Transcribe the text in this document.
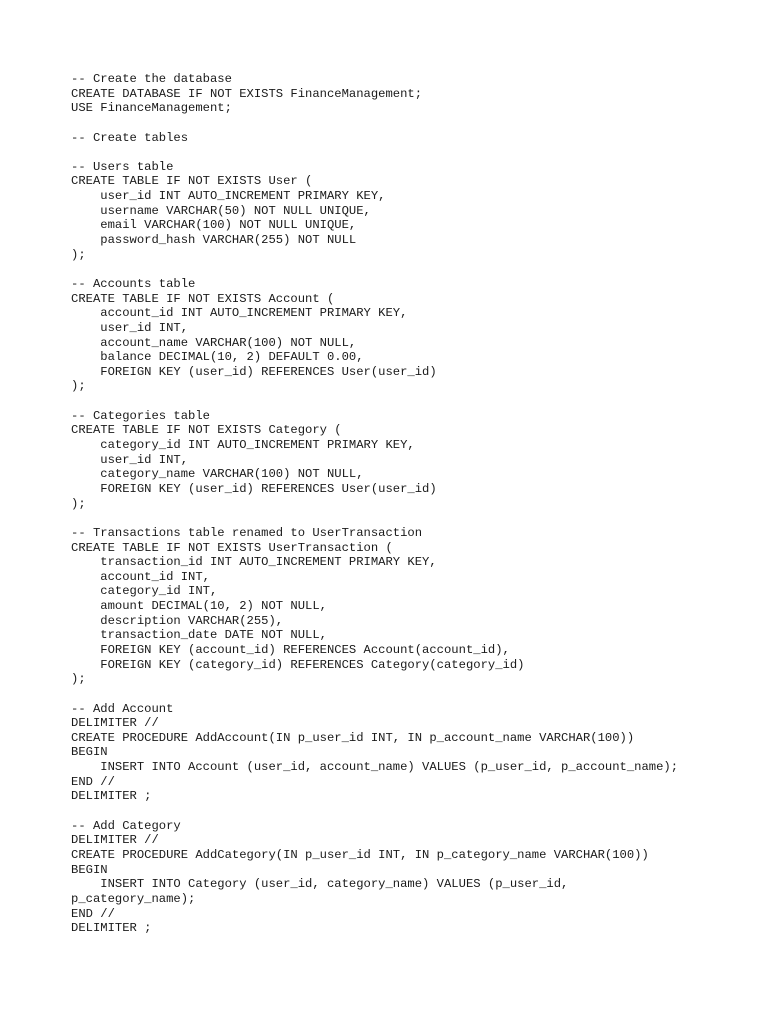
-- Create the database
CREATE DATABASE IF NOT EXISTS FinanceManagement;
USE FinanceManagement;
-- Create tables
-- Users table
CREATE TABLE IF NOT EXISTS User (
user_id INT AUTO_INCREMENT PRIMARY KEY,
username VARCHAR(50) NOT NULL UNIQUE,
email VARCHAR(100) NOT NULL UNIQUE,
password_hash VARCHAR(255) NOT NULL
);
-- Accounts table
CREATE TABLE IF NOT EXISTS Account (
account_id INT AUTO_INCREMENT PRIMARY KEY,
user_id INT,
account_name VARCHAR(100) NOT NULL,
balance DECIMAL(10, 2) DEFAULT 0.00,
FOREIGN KEY (user_id) REFERENCES User(user_id)
);
-- Categories table
CREATE TABLE IF NOT EXISTS Category (
category_id INT AUTO_INCREMENT PRIMARY KEY,
user_id INT,
category_name VARCHAR(100) NOT NULL,
FOREIGN KEY (user_id) REFERENCES User(user_id)
);
-- Transactions table renamed to UserTransaction
CREATE TABLE IF NOT EXISTS UserTransaction (
transaction_id INT AUTO_INCREMENT PRIMARY KEY,
account_id INT,
category_id INT,
amount DECIMAL(10, 2) NOT NULL,
description VARCHAR(255),
transaction_date DATE NOT NULL,
FOREIGN KEY (account_id) REFERENCES Account(account_id),
FOREIGN KEY (category_id) REFERENCES Category(category_id)
);
-- Add Account
DELIMITER //
CREATE PROCEDURE AddAccount(IN p_user_id INT, IN p_account_name VARCHAR(100))
BEGIN
INSERT INTO Account (user_id, account_name) VALUES (p_user_id, p_account_name);
END //
DELIMITER ;
-- Add Category
DELIMITER //
CREATE PROCEDURE AddCategory(IN p_user_id INT, IN p_category_name VARCHAR(100))
BEGIN
INSERT INTO Category (user_id, category_name) VALUES (p_user_id,
p_category_name);
END //
DELIMITER ;
